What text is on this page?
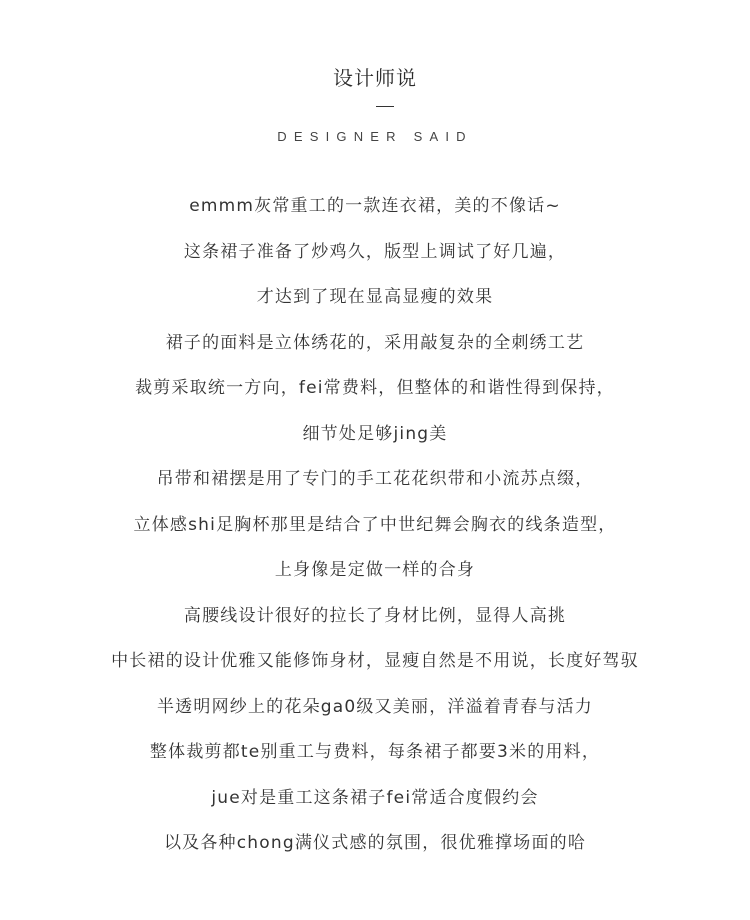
设计师说
DESIGNER SAID
emmm灰常重工的一款连衣裙，美的不像话~
这条裙子准备了炒鸡久，版型上调试了好几遍，
才达到了现在显高显瘦的效果
裙子的面料是立体绣花的，采用敲复杂的全刺绣工艺
裁剪采取统一方向，fei常费料，但整体的和谐性得到保持，
细节处足够jing美
吊带和裙摆是用了专门的手工花花织带和小流苏点缀，
立体感shi足胸杯那里是结合了中世纪舞会胸衣的线条造型，
上身像是定做一样的合身
高腰线设计很好的拉长了身材比例，显得人高挑
中长裙的设计优雅又能修饰身材，显瘦自然是不用说，长度好驾驭
半透明网纱上的花朵ga0级又美丽，洋溢着青春与活力
整体裁剪都te别重工与费料，每条裙子都要3米的用料，
jue对是重工这条裙子fei常适合度假约会
以及各种chong满仪式感的氛围，很优雅撑场面的哈
